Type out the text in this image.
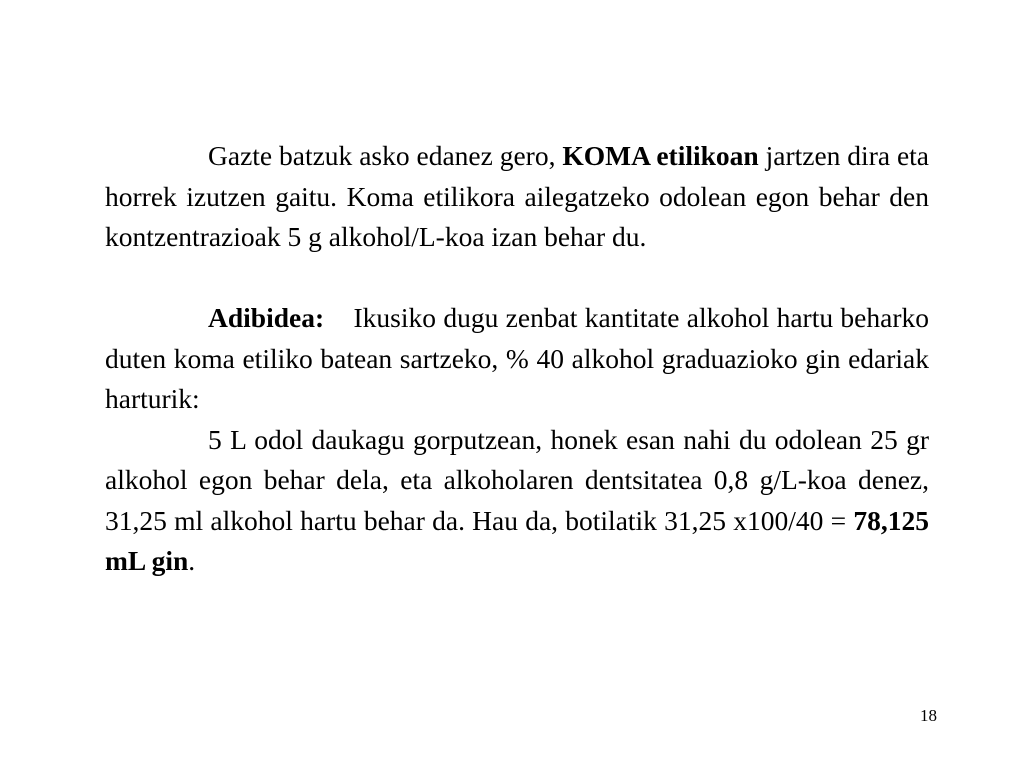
Gazte batzuk asko edanez gero, KOMA etilikoan jartzen dira eta horrek izutzen gaitu. Koma etilikora ailegatzeko odolean egon behar den kontzentrazioak 5 g alkohol/L-koa izan behar du.

Adibidea:    Ikusiko dugu zenbat kantitate alkohol hartu beharko duten koma etiliko batean sartzeko, % 40 alkohol graduazioko gin edariak harturik:

5 L odol daukagu gorputzean, honek esan nahi du odolean 25 gr alkohol egon behar dela, eta alkoholaren dentsitatea 0,8 g/L-koa denez, 31,25 ml alkohol hartu behar da. Hau da, botilatik 31,25 x100/40 = 78,125 mL gin.

18
